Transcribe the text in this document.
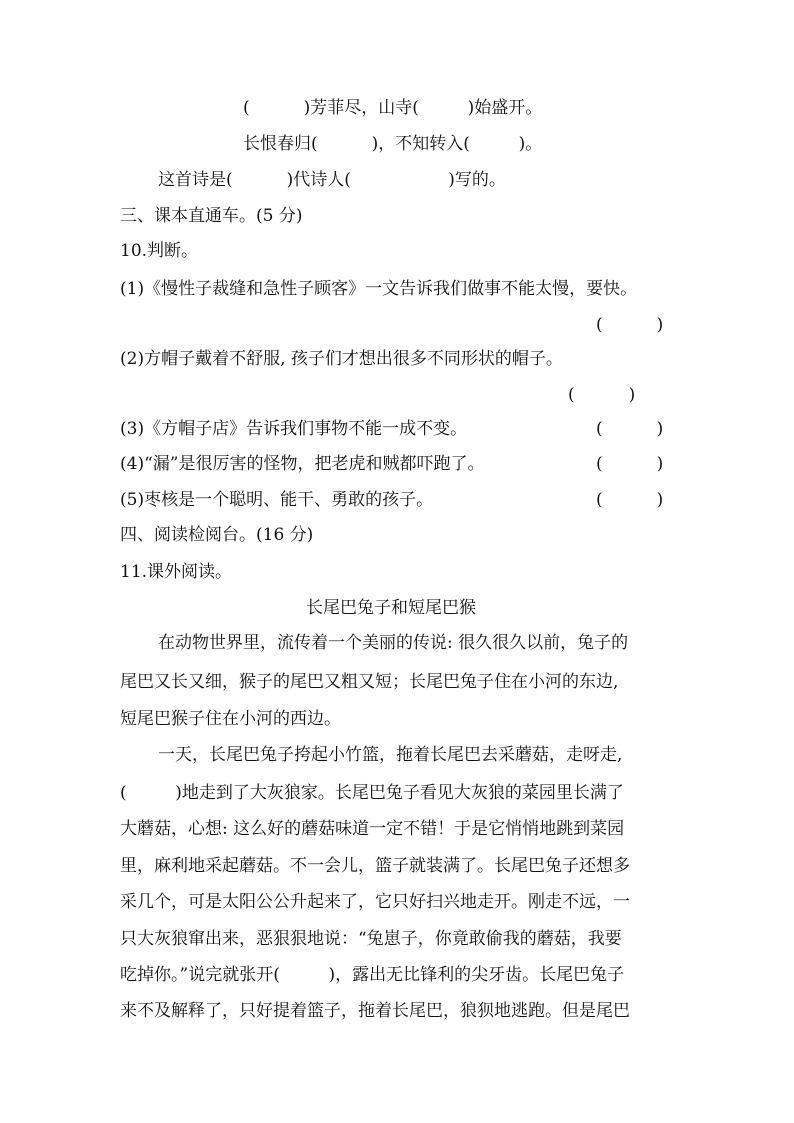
(          )芳菲尽，山寺(         )始盛开。
长恨春归(          )，不知转入(         )。
这首诗是(          )代诗人(                  )写的。
三、课本直通车。(5 分)
10.判断。
(1)《慢性子裁缝和急性子顾客》一文告诉我们做事不能太慢，要快。
(          )
(2)方帽子戴着不舒服, 孩子们才想出很多不同形状的帽子。
(          )
(3)《方帽子店》告诉我们事物不能一成不变。	(          )
(4)“漏”是很厉害的怪物，把老虎和贼都吓跑了。	(          )
(5)枣核是一个聪明、能干、勇敢的孩子。	(          )
四、阅读检阅台。(16 分)
11.课外阅读。
长尾巴兔子和短尾巴猴
在动物世界里，流传着一个美丽的传说: 很久很久以前，兔子的
尾巴又长又细，猴子的尾巴又粗又短；长尾巴兔子住在小河的东边,
短尾巴猴子住在小河的西边。
一天，长尾巴兔子挎起小竹篮，拖着长尾巴去采蘑菇，走呀走,
(         )地走到了大灰狼家。长尾巴兔子看见大灰狼的菜园里长满了
大蘑菇，心想: 这么好的蘑菇味道一定不错！于是它悄悄地跳到菜园
里，麻利地采起蘑菇。不一会儿，篮子就装满了。长尾巴兔子还想多
采几个，可是太阳公公升起来了，它只好扫兴地走开。刚走不远，一
只大灰狼窜出来，恶狠狠地说：“兔崽子，你竟敢偷我的蘑菇，我要
吃掉你。”说完就张开(         )，露出无比锋利的尖牙齿。长尾巴兔子
来不及解释了，只好提着篮子，拖着长尾巴，狼狈地逃跑。但是尾巴
